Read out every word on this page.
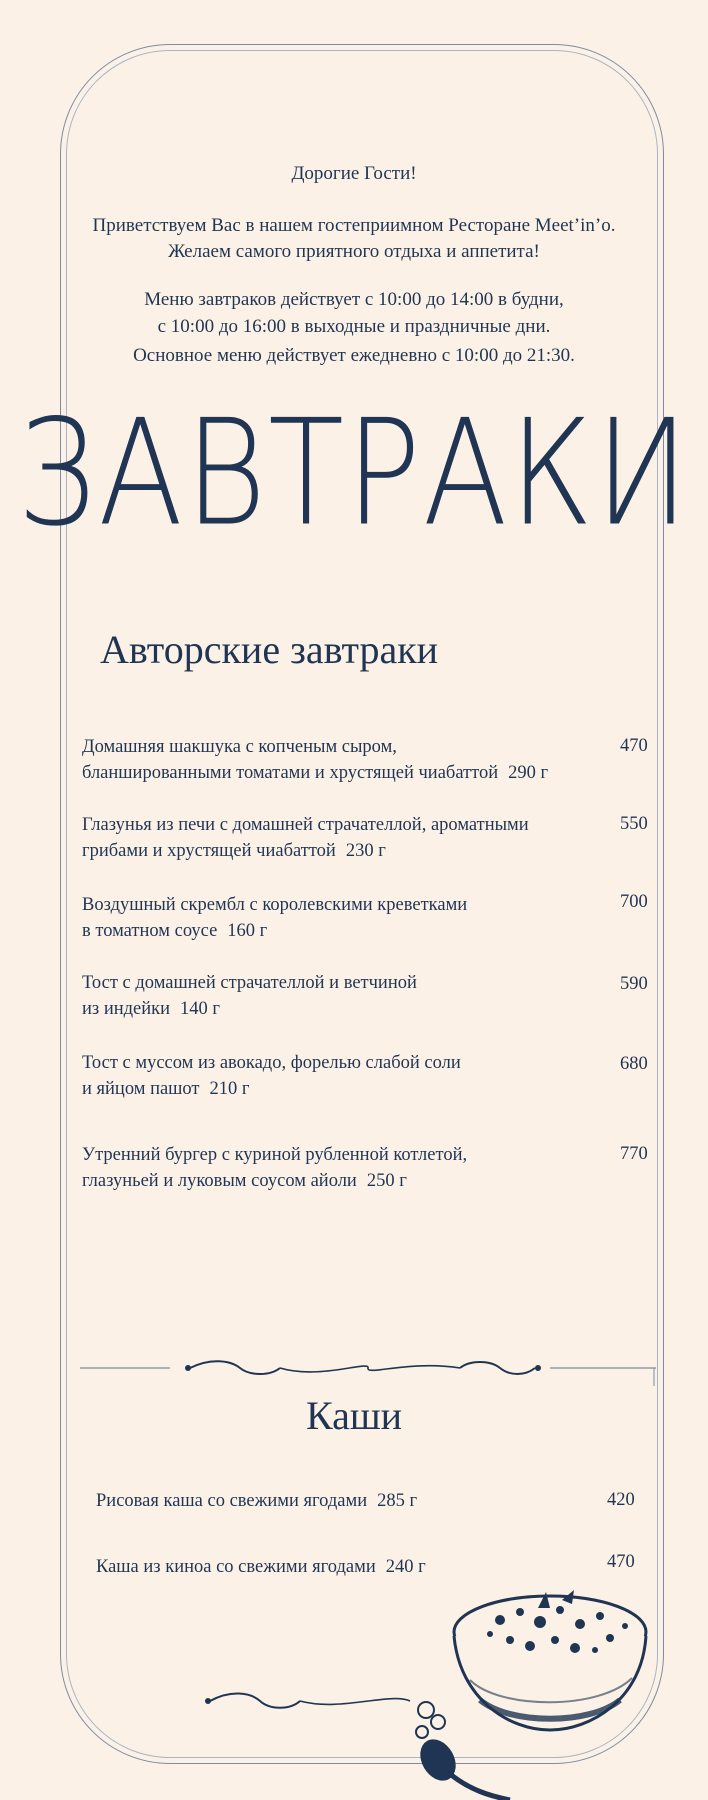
Дорогие Гости!
Приветствуем Вас в нашем гостеприимном Ресторане Meet’in’o.
Желаем самого приятного отдыха и аппетита!
Меню завтраков действует с 10:00 до 14:00 в будни,
с 10:00 до 16:00 в выходные и праздничные дни.
Основное меню действует ежедневно с 10:00 до 21:30.
ЗАВТРАКИ
Авторские завтраки
Домашняя шакшука с копченым сыром,
бланшированными томатами и хрустящей чиабаттой 290 г
470
Глазунья из печи с домашней страчателлой, ароматными
грибами и хрустящей чиабаттой 230 г
550
Воздушный скрембл с королевскими креветками
в томатном соусе 160 г
700
Тост с домашней страчателлой и ветчиной
из индейки 140 г
590
Тост с муссом из авокадо, форелью слабой соли
и яйцом пашот 210 г
680
Утренний бургер с куриной рубленной котлетой,
глазуньей и луковым соусом айоли 250 г
770
Каши
Рисовая каша со свежими ягодами 285 г	420
Каша из киноа со свежими ягодами 240 г	470
